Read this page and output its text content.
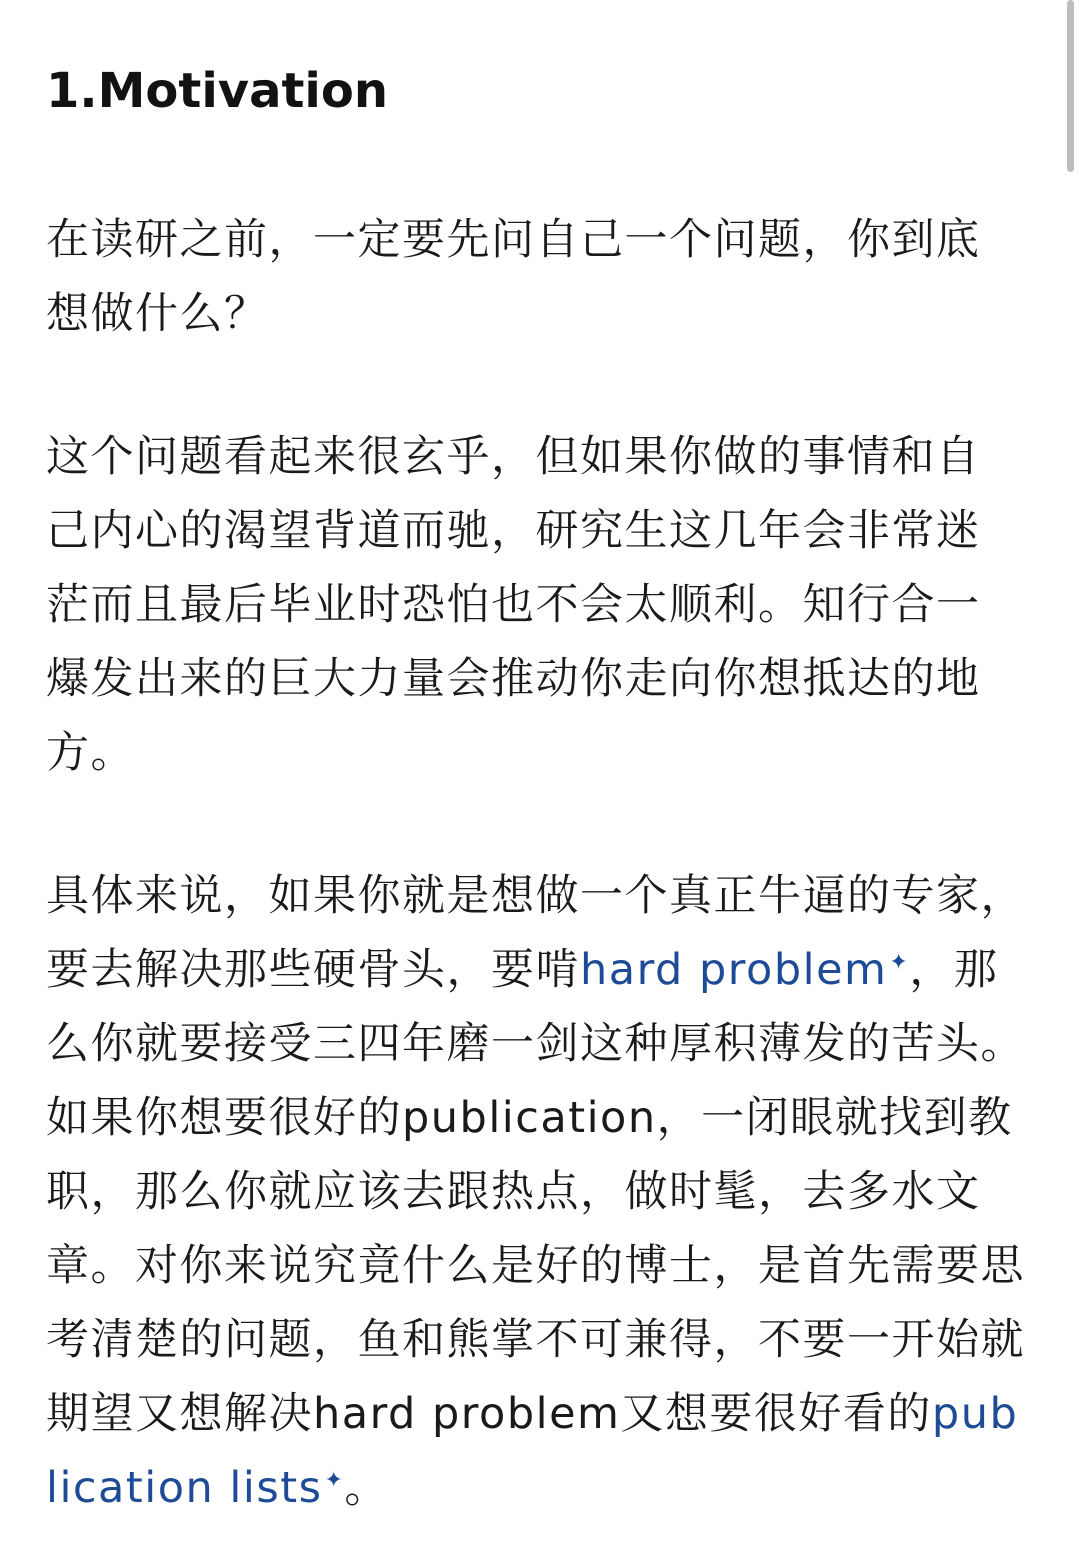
1.Motivation

在读研之前，一定要先问自己一个问题，你到底想做什么？

这个问题看起来很玄乎，但如果你做的事情和自己内心的渴望背道而驰，研究生这几年会非常迷茫而且最后毕业时恐怕也不会太顺利。知行合一爆发出来的巨大力量会推动你走向你想抵达的地方。

具体来说，如果你就是想做一个真正牛逼的专家，要去解决那些硬骨头，要啃hard problem✦，那么你就要接受三四年磨一剑这种厚积薄发的苦头。如果你想要很好的publication，一闭眼就找到教职，那么你就应该去跟热点，做时髦，去多水文章。对你来说究竟什么是好的博士，是首先需要思考清楚的问题，鱼和熊掌不可兼得，不要一开始就期望又想解决hard problem又想要很好看的publication lists✦。
